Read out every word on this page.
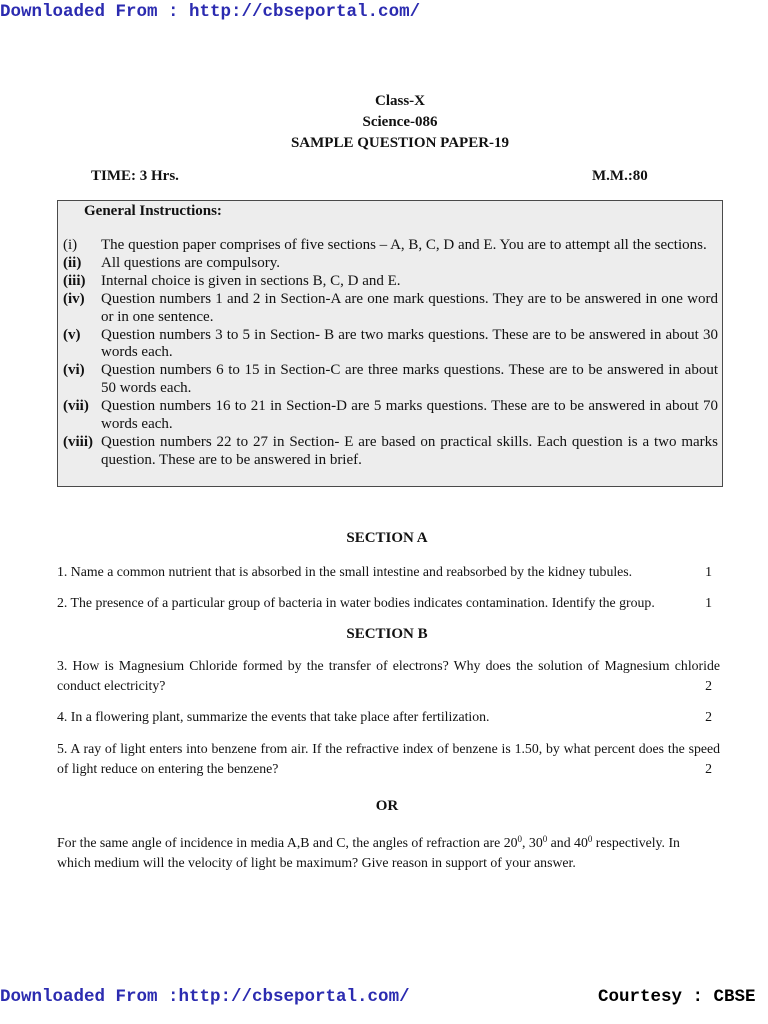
Downloaded From : http://cbseportal.com/
Class-X
Science-086
SAMPLE QUESTION PAPER-19
TIME: 3 Hrs.	M.M.:80
General Instructions:
(i) The question paper comprises of five sections – A, B, C, D and E. You are to attempt all the sections.
(ii) All questions are compulsory.
(iii) Internal choice is given in sections B, C, D and E.
(iv) Question numbers 1 and 2 in Section-A are one mark questions. They are to be answered in one word or in one sentence.
(v) Question numbers 3 to 5 in Section- B are two marks questions. These are to be answered in about 30 words each.
(vi) Question numbers 6 to 15 in Section-C are three marks questions. These are to be answered in about 50 words each.
(vii) Question numbers 16 to 21 in Section-D are 5 marks questions. These are to be answered in about 70 words each.
(viii) Question numbers 22 to 27 in Section- E are based on practical skills. Each question is a two marks question. These are to be answered in brief.
SECTION A
1. Name a common nutrient that is absorbed in the small intestine and reabsorbed by the kidney tubules.	1
2. The presence of a particular group of bacteria in water bodies indicates contamination. Identify the group.	1
SECTION B
3. How is Magnesium Chloride formed by the transfer of electrons? Why does the solution of Magnesium chloride conduct electricity?	2
4. In a flowering plant, summarize the events that take place after fertilization.	2
5. A ray of light enters into benzene from air. If the refractive index of benzene is 1.50, by what percent does the speed of light reduce on entering the benzene?	2
OR

For the same angle of incidence in media A,B and C, the angles of refraction are $20^0$, $30^0$ and $40^0$ respectively. In which medium will the velocity of light be maximum? Give reason in support of your answer.

Downloaded From :http://cbseportal.com/	Courtesy : CBSE
